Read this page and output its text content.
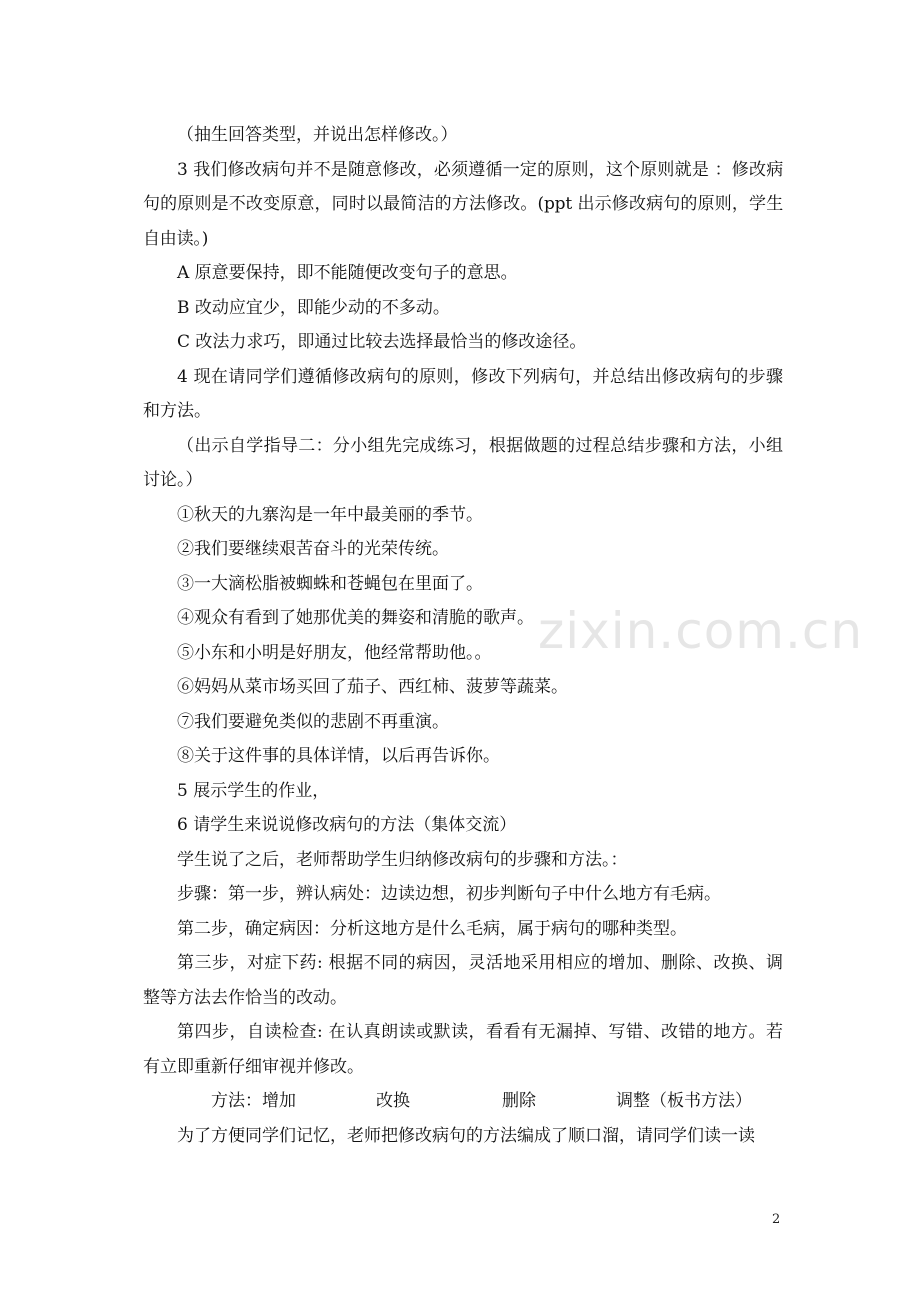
zixin.com.cn

（抽生回答类型，并说出怎样修改。）

3 我们修改病句并不是随意修改，必须遵循一定的原则，这个原则就是 ：修改病句的原则是不改变原意，同时以最简洁的方法修改。(ppt 出示修改病句的原则，学生自由读。)

A 原意要保持，即不能随便改变句子的意思。

B 改动应宜少，即能少动的不多动。

C 改法力求巧，即通过比较去选择最恰当的修改途径。

4 现在请同学们遵循修改病句的原则，修改下列病句，并总结出修改病句的步骤和方法。

（出示自学指导二：分小组先完成练习，根据做题的过程总结步骤和方法，小组讨论。）

①秋天的九寨沟是一年中最美丽的季节。

②我们要继续艰苦奋斗的光荣传统。

③一大滴松脂被蜘蛛和苍蝇包在里面了。

④观众有看到了她那优美的舞姿和清脆的歌声。

⑤小东和小明是好朋友，他经常帮助他。。

⑥妈妈从菜市场买回了茄子、西红柿、菠萝等蔬菜。

⑦我们要避免类似的悲剧不再重演。

⑧关于这件事的具体详情，以后再告诉你。

5 展示学生的作业，

6 请学生来说说修改病句的方法（集体交流）

学生说了之后，老师帮助学生归纳修改病句的步骤和方法。：

步骤：第一步，辨认病处：边读边想，初步判断句子中什么地方有毛病。

第二步，确定病因：分析这地方是什么毛病，属于病句的哪种类型。

第三步，对症下药: 根据不同的病因，灵活地采用相应的增加、删除、改换、调整等方法去作恰当的改动。

第四步，自读检查: 在认真朗读或默读，看看有无漏掉、写错、改错的地方。若有立即重新仔细审视并修改。

方法：增加	改换	删除	调整（板书方法）

为了方便同学们记忆，老师把修改病句的方法编成了顺口溜，请同学们读一读

2
